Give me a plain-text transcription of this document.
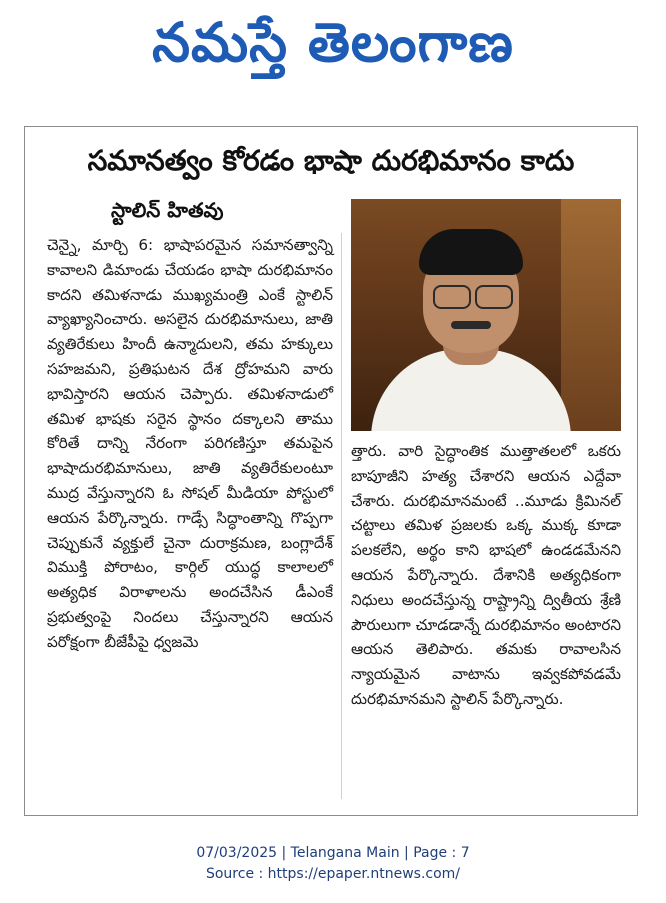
నమస్తే తెలంగాణ
సమానత్వం కోరడం భాషా దురభిమానం కాదు
స్టాలిన్ హితవు

చెన్నై, మార్చి 6: భాషాపరమైన సమానత్వాన్ని కావాలని డిమాండు చేయడం భాషా దురభిమానం కాదని తమిళనాడు ముఖ్యమంత్రి ఎంకే స్టాలిన్ వ్యాఖ్యానించారు. అసలైన దురభిమానులు, జాతి వ్యతిరేకులు హిందీ ఉన్మాదులని, తమ హక్కులు సహజమని, ప్రతిఘటన దేశ ద్రోహమని వారు భావిస్తారని ఆయన చెప్పారు. తమిళనాడులో తమిళ భాషకు సరైన స్థానం దక్కాలని తాము కోరితే దాన్ని నేరంగా పరిగణిస్తూ తమపైన భాషాదురభిమానులు, జాతి వ్యతిరేకులంటూ ముద్ర వేస్తున్నారని ఓ సోషల్ మీడియా పోస్టులో ఆయన పేర్కొన్నారు. గాడ్సే సిద్ధాంతాన్ని గొప్పగా చెప్పుకునే వ్యక్తులే చైనా దురాక్రమణ, బంగ్లాదేశ్ విముక్తి పోరాటం, కార్గిల్ యుద్ధ కాలాలలో అత్యధిక విరాళాలను అందచేసిన డీఎంకే ప్రభుత్వంపై నిందలు చేస్తున్నారని ఆయన పరోక్షంగా బీజేపీపై ధ్వజమె

త్తారు. వారి సైద్ధాంతిక ముత్తాతలలో ఒకరు బాపూజీని హత్య చేశారని ఆయన ఎద్దేవా చేశారు. దురభిమానమంటే ..మూడు క్రిమినల్ చట్టాలు తమిళ ప్రజలకు ఒక్క ముక్క కూడా పలకలేని, అర్థం కాని భాషలో ఉండడమేనని ఆయన పేర్కొన్నారు. దేశానికి అత్యధికంగా నిధులు అందచేస్తున్న రాష్ట్రాన్ని ద్వితీయ శ్రేణి పౌరులుగా చూడడాన్నే దురభిమానం అంటారని ఆయన తెలిపారు. తమకు రావాలసిన న్యాయమైన వాటాను ఇవ్వకపోవడమే దురభిమానమని స్టాలిన్ పేర్కొన్నారు.

07/03/2025 | Telangana Main | Page : 7
Source : https://epaper.ntnews.com/
